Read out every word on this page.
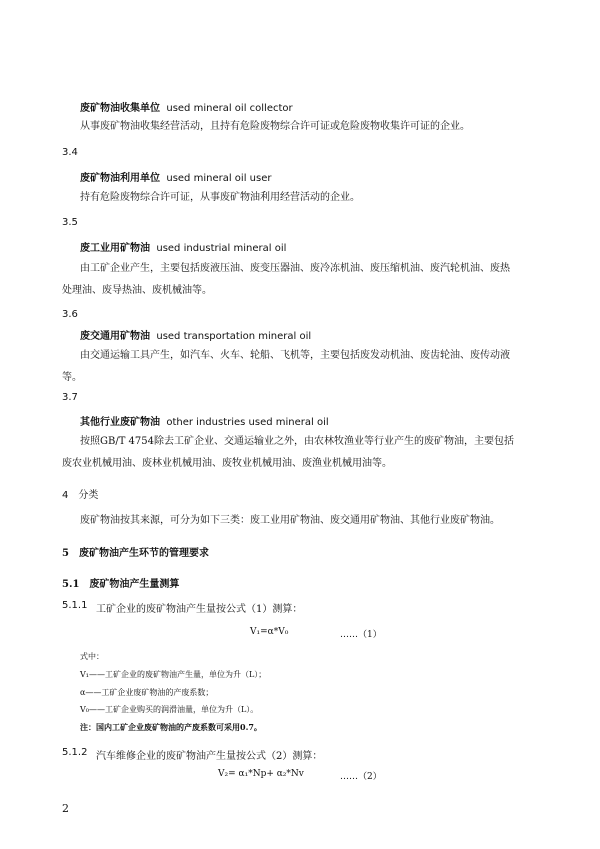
废矿物油收集单位 used mineral oil collector
从事废矿物油收集经营活动，且持有危险废物综合许可证或危险废物收集许可证的企业。
3.4
废矿物油利用单位 used mineral oil user
持有危险废物综合许可证，从事废矿物油利用经营活动的企业。
3.5
废工业用矿物油 used industrial mineral oil
由工矿企业产生，主要包括废液压油、废变压器油、废冷冻机油、废压缩机油、废汽轮机油、废热
处理油、废导热油、废机械油等。
3.6
废交通用矿物油 used transportation mineral oil
由交通运输工具产生，如汽车、火车、轮船、飞机等，主要包括废发动机油、废齿轮油、废传动液
等。
3.7
其他行业废矿物油 other industries used mineral oil
按照GB/T 4754除去工矿企业、交通运输业之外，由农林牧渔业等行业产生的废矿物油，主要包括
废农业机械用油、废林业机械用油、废牧业机械用油、废渔业机械用油等。
4　分类
废矿物油按其来源，可分为如下三类：废工业用矿物油、废交通用矿物油、其他行业废矿物油。
5　废矿物油产生环节的管理要求
5.1　废矿物油产生量测算
5.1.1 工矿企业的废矿物油产生量按公式（1）测算：
V₁=α*V₀	……（1）
式中：
V₁——工矿企业的废矿物油产生量，单位为升（L）；
α——工矿企业废矿物油的产废系数；
V₀——工矿企业购买的润滑油量，单位为升（L）。
注：国内工矿企业废矿物油的产废系数可采用0.7。
5.1.2 汽车维修企业的废矿物油产生量按公式（2）测算：
V₂= α₁*Np+ α₂*Nv	……（2）
2
